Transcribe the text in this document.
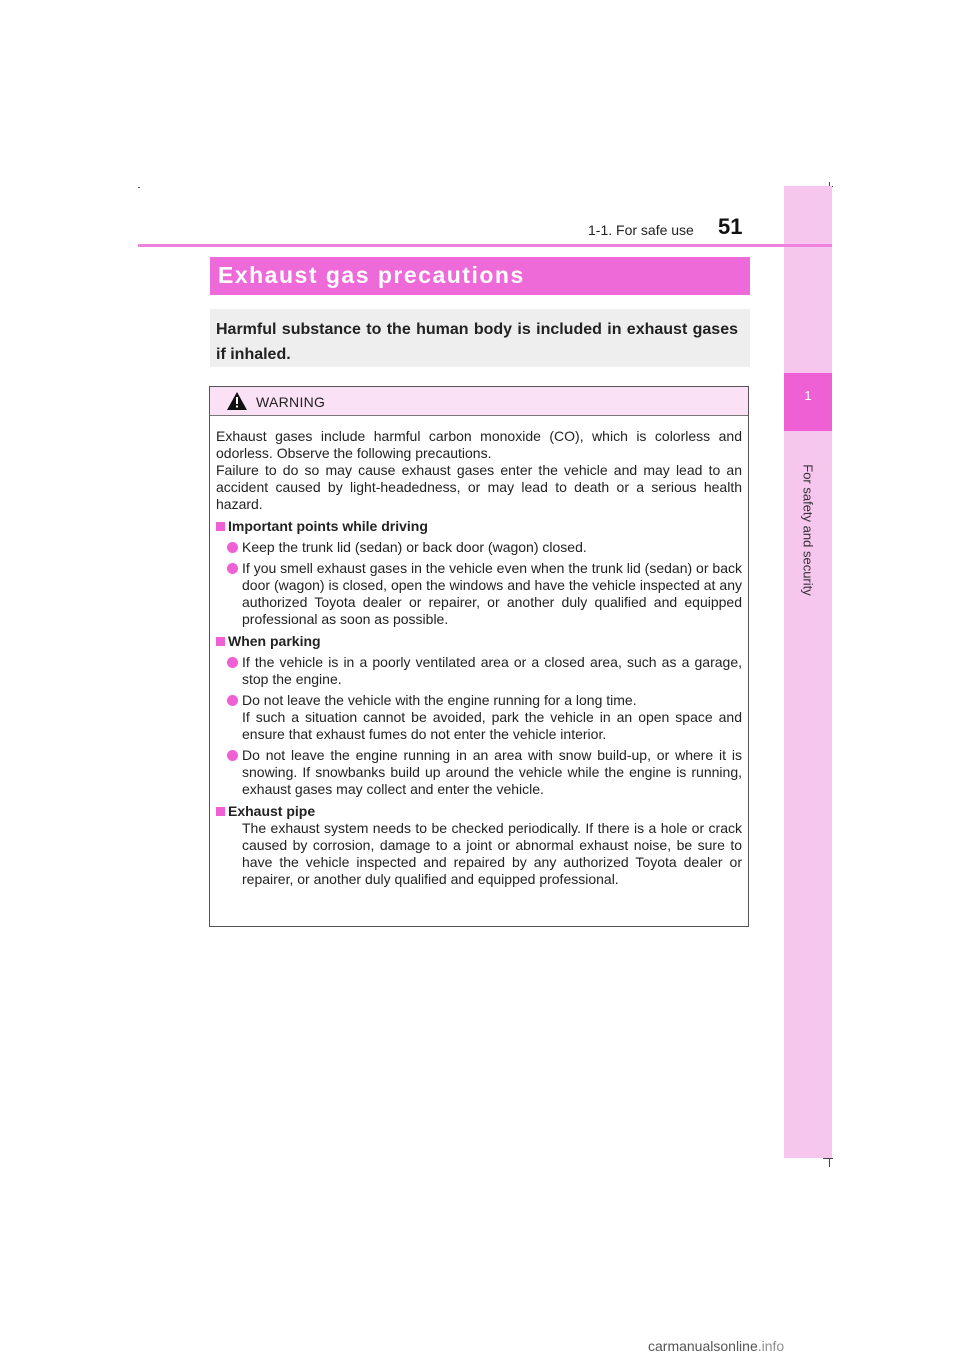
1
For safety and security
1-1. For safe use 51
Exhaust gas precautions
Harmful substance to the human body is included in exhaust gases if inhaled.
WARNING

Exhaust gases include harmful carbon monoxide (CO), which is colorless and odorless. Observe the following precautions.

Failure to do so may cause exhaust gases enter the vehicle and may lead to an accident caused by light-headedness, or may lead to death or a serious health hazard.

Important points while driving
Keep the trunk lid (sedan) or back door (wagon) closed.
If you smell exhaust gases in the vehicle even when the trunk lid (sedan) or back door (wagon) is closed, open the windows and have the vehicle inspected at any authorized Toyota dealer or repairer, or another duly qualified and equipped professional as soon as possible.
When parking
If the vehicle is in a poorly ventilated area or a closed area, such as a garage, stop the engine.
Do not leave the vehicle with the engine running for a long time.
If such a situation cannot be avoided, park the vehicle in an open space and ensure that exhaust fumes do not enter the vehicle interior.
Do not leave the engine running in an area with snow build-up, or where it is snowing. If snowbanks build up around the vehicle while the engine is running, exhaust gases may collect and enter the vehicle.
Exhaust pipe

The exhaust system needs to be checked periodically. If there is a hole or crack caused by corrosion, damage to a joint or abnormal exhaust noise, be sure to have the vehicle inspected and repaired by any authorized Toyota dealer or repairer, or another duly qualified and equipped professional.

carmanualsonline.info
